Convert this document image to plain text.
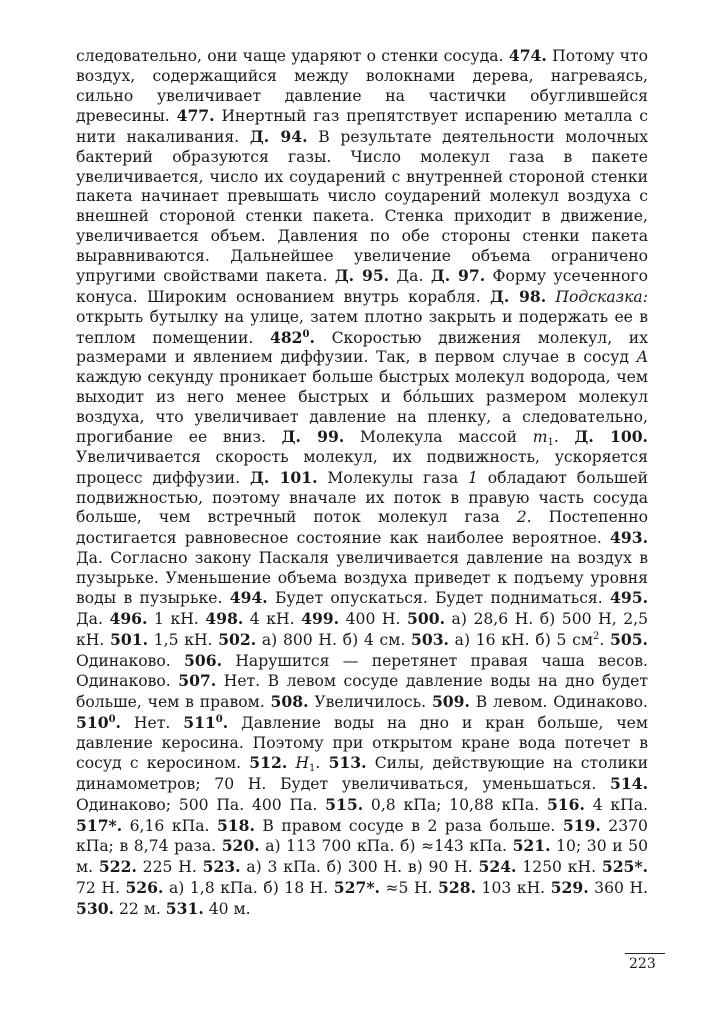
следовательно, они чаще ударяют о стенки сосуда. 474. Потому что воздух, содержащийся между волокнами дерева, нагреваясь, сильно увеличивает давление на частички обуглившейся древесины. 477. Инертный газ препятствует испарению металла с нити накаливания. Д. 94. В результате деятельности молочных бактерий образуются газы. Число молекул газа в пакете увеличивается, число их соударений с внутренней стороной стенки пакета начинает превышать число соударений молекул воздуха с внешней стороной стенки пакета. Стенка приходит в движение, увеличивается объем. Давления по обе стороны стенки пакета выравниваются. Дальнейшее увеличение объема ограничено упругими свойствами пакета. Д. 95. Да. Д. 97. Форму усеченного конуса. Широким основанием внутрь корабля. Д. 98. Подсказка: открыть бутылку на улице, затем плотно закрыть и подержать ее в теплом помещении. $482^0$. Скоростью движения молекул, их размерами и явлением диффузии. Так, в первом случае в сосуд A каждую секунду проникает больше быстрых молекул водорода, чем выходит из него менее быстрых и бо́льших размером молекул воздуха, что увеличивает давление на пленку, а следовательно, прогибание ее вниз. Д. 99. Молекула массой $m_1$. Д. 100. Увеличивается скорость молекул, их подвижность, ускоряется процесс диффузии. Д. 101. Молекулы газа 1 обладают большей подвижностью, поэтому вначале их поток в правую часть сосуда больше, чем встречный поток молекул газа 2. Постепенно достигается равновесное состояние как наиболее вероятное. 493. Да. Согласно закону Паскаля увеличивается давление на воздух в пузырьке. Уменьшение объема воздуха приведет к подъему уровня воды в пузырьке. 494. Будет опускаться. Будет подниматься. 495. Да. 496. 1 кН. 498. 4 кН. 499. 400 Н. 500. а) 28,6 Н. б) 500 Н, 2,5 кН. 501. 1,5 кН. 502. а) 800 Н. б) 4 см. 503. а) 16 кН. б) 5 $см^2$. 505. Одинаково. 506. Нарушится — перетянет правая чаша весов. Одинаково. 507. Нет. В левом сосуде давление воды на дно будет больше, чем в правом. 508. Увеличилось. 509. В левом. Одинаково. $510^0$. Нет. $511^0$. Давление воды на дно и кран больше, чем давление керосина. Поэтому при открытом кране вода потечет в сосуд с керосином. 512. $H_1$. 513. Силы, действующие на столики динамометров; 70 Н. Будет увеличиваться, уменьшаться. 514. Одинаково; 500 Па. 400 Па. 515. 0,8 кПа; 10,88 кПа. 516. 4 кПа. 517*. 6,16 кПа. 518. В правом сосуде в 2 раза больше. 519. 2370 кПа; в 8,74 раза. 520. а) 113 700 кПа. б) ≈143 кПа. 521. 10; 30 и 50 м. 522. 225 Н. 523. а) 3 кПа. б) 300 Н. в) 90 Н. 524. 1250 кН. 525*. 72 Н. 526. а) 1,8 кПа. б) 18 Н. 527*. ≈5 Н. 528. 103 кН. 529. 360 Н. 530. 22 м. 531. 40 м.

223
